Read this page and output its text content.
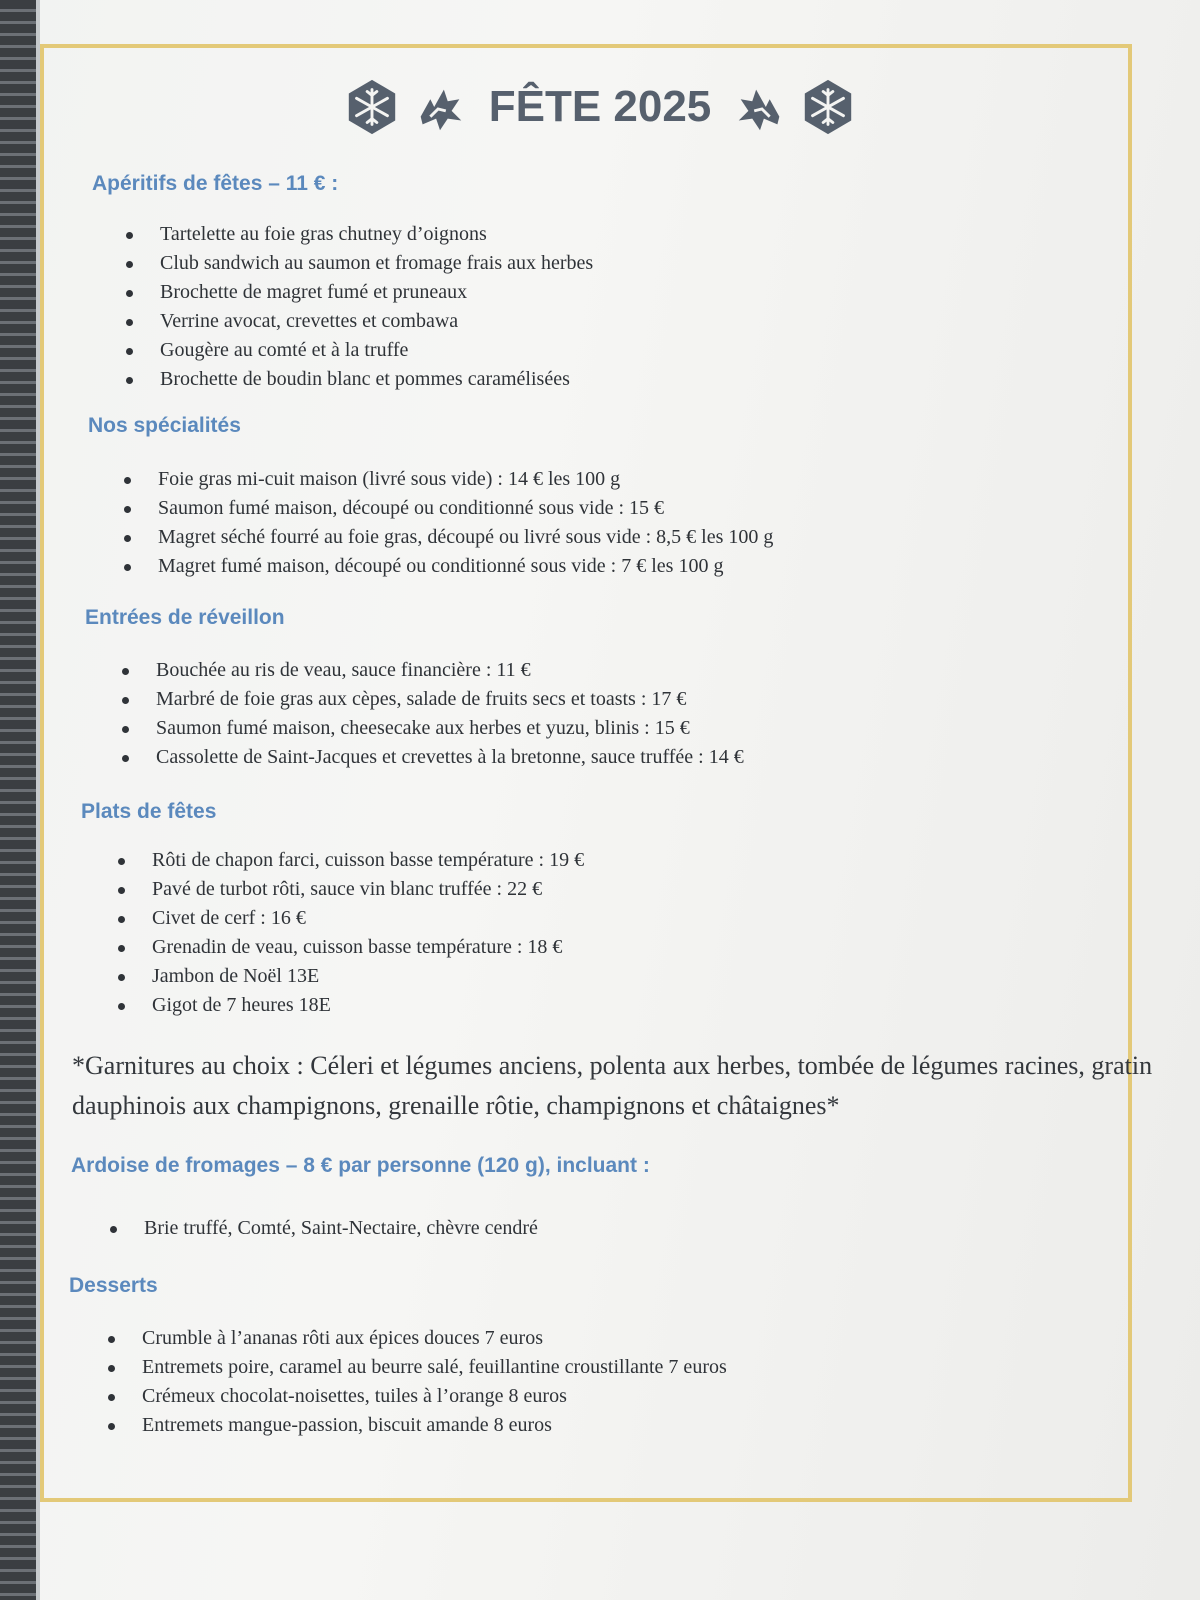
FÊTE 2025
Apéritifs de fêtes – 11 € :
Tartelette au foie gras chutney d’oignons
Club sandwich au saumon et fromage frais aux herbes
Brochette de magret fumé et pruneaux
Verrine avocat, crevettes et combawa
Gougère au comté et à la truffe
Brochette de boudin blanc et pommes caramélisées
Nos spécialités
Foie gras mi-cuit maison (livré sous vide) : 14 € les 100 g
Saumon fumé maison, découpé ou conditionné sous vide : 15 €
Magret séché fourré au foie gras, découpé ou livré sous vide : 8,5 € les 100 g
Magret fumé maison, découpé ou conditionné sous vide : 7 € les 100 g
Entrées de réveillon
Bouchée au ris de veau, sauce financière : 11 €
Marbré de foie gras aux cèpes, salade de fruits secs et toasts : 17 €
Saumon fumé maison, cheesecake aux herbes et yuzu, blinis : 15 €
Cassolette de Saint-Jacques et crevettes à la bretonne, sauce truffée : 14 €
Plats de fêtes
Rôti de chapon farci, cuisson basse température : 19 €
Pavé de turbot rôti, sauce vin blanc truffée : 22 €
Civet de cerf : 16 €
Grenadin de veau, cuisson basse température : 18 €
Jambon de Noël 13E
Gigot de 7 heures 18E
*Garnitures au choix : Céleri et légumes anciens, polenta aux herbes, tombée de légumes racines, gratin dauphinois aux champignons, grenaille rôtie, champignons et châtaignes*
Ardoise de fromages – 8 € par personne (120 g), incluant :
Brie truffé, Comté, Saint-Nectaire, chèvre cendré
Desserts
Crumble à l’ananas rôti aux épices douces 7 euros
Entremets poire, caramel au beurre salé, feuillantine croustillante 7 euros
Crémeux chocolat-noisettes, tuiles à l’orange 8 euros
Entremets mangue-passion, biscuit amande 8 euros
